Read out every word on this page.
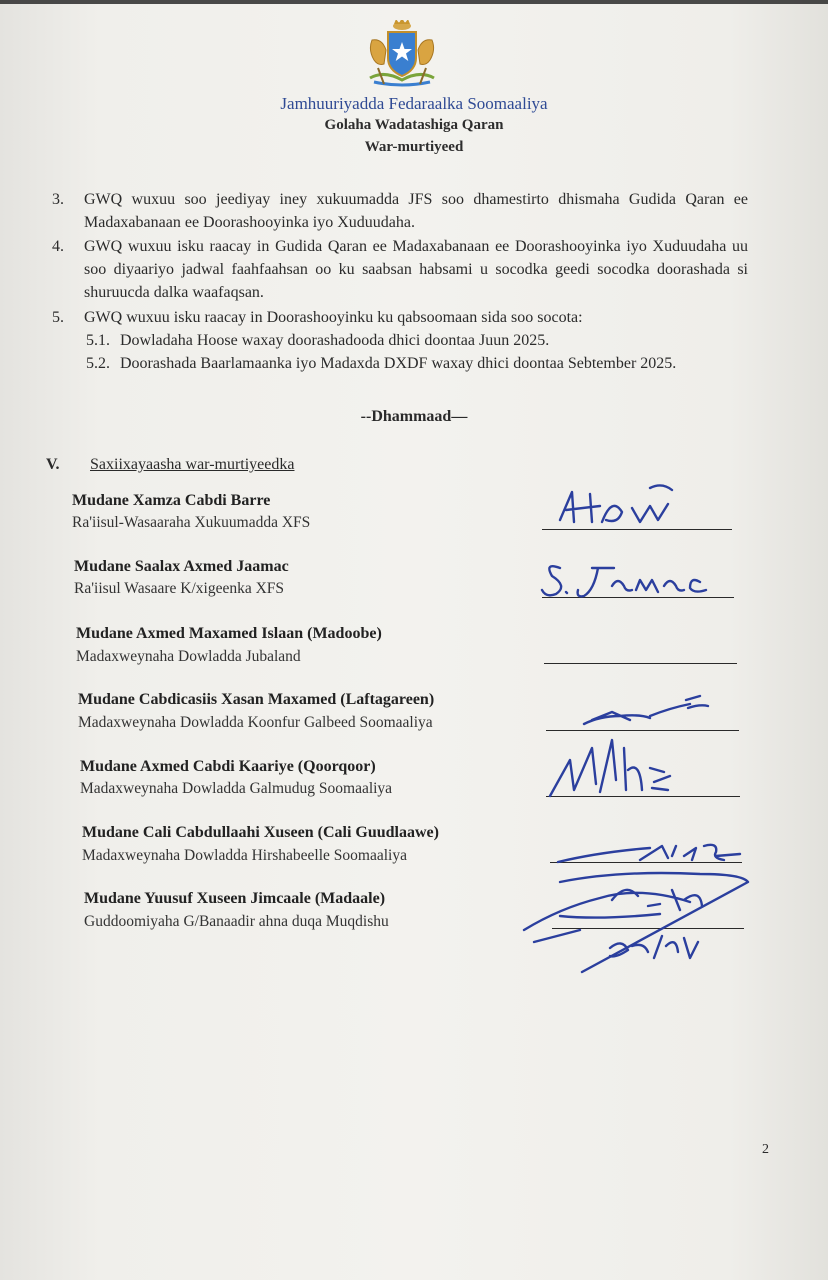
Jamhuuriyadda Fedaraalka Soomaaliya
Golaha Wadatashiga Qaran
War-murtiyeed
3. GWQ wuxuu soo jeediyay iney xukuumadda JFS soo dhamestirto dhismaha Gudida Qaran ee Madaxabanaan ee Doorashooyinka iyo Xuduudaha.
4. GWQ wuxuu isku raacay in Gudida Qaran ee Madaxabanaan ee Doorashooyinka iyo Xuduudaha uu soo diyaariyo jadwal faahfaahsan oo ku saabsan habsami u socodka geedi socodka doorashada si shuruucda dalka waafaqsan.
5. GWQ wuxuu isku raacay in Doorashooyinku ku qabsoomaan sida soo socota:
5.1. Dowladaha Hoose waxay doorashadooda dhici doontaa Juun 2025.
5.2. Doorashada Baarlamaanka iyo Madaxda DXDF waxay dhici doontaa Sebtember 2025.
--Dhammaad—
V. Saxiixayaasha war-murtiyeedka
Mudane Xamza Cabdi Barre
Ra'iisul-Wasaaraha Xukuumadda XFS
Mudane Saalax Axmed Jaamac
Ra'iisul Wasaare K/xigeenka XFS
Mudane Axmed Maxamed Islaan (Madoobe)
Madaxweynaha Dowladda Jubaland
Mudane Cabdicasiis Xasan Maxamed (Laftagareen)
Madaxweynaha Dowladda Koonfur Galbeed Soomaaliya
Mudane Axmed Cabdi Kaariye (Qoorqoor)
Madaxweynaha Dowladda Galmudug Soomaaliya
Mudane Cali Cabdullaahi Xuseen (Cali Guudlaawe)
Madaxweynaha Dowladda Hirshabeelle Soomaaliya
Mudane Yuusuf Xuseen Jimcaale (Madaale)
Guddoomiyaha G/Banaadir ahna duqa Muqdishu
2
